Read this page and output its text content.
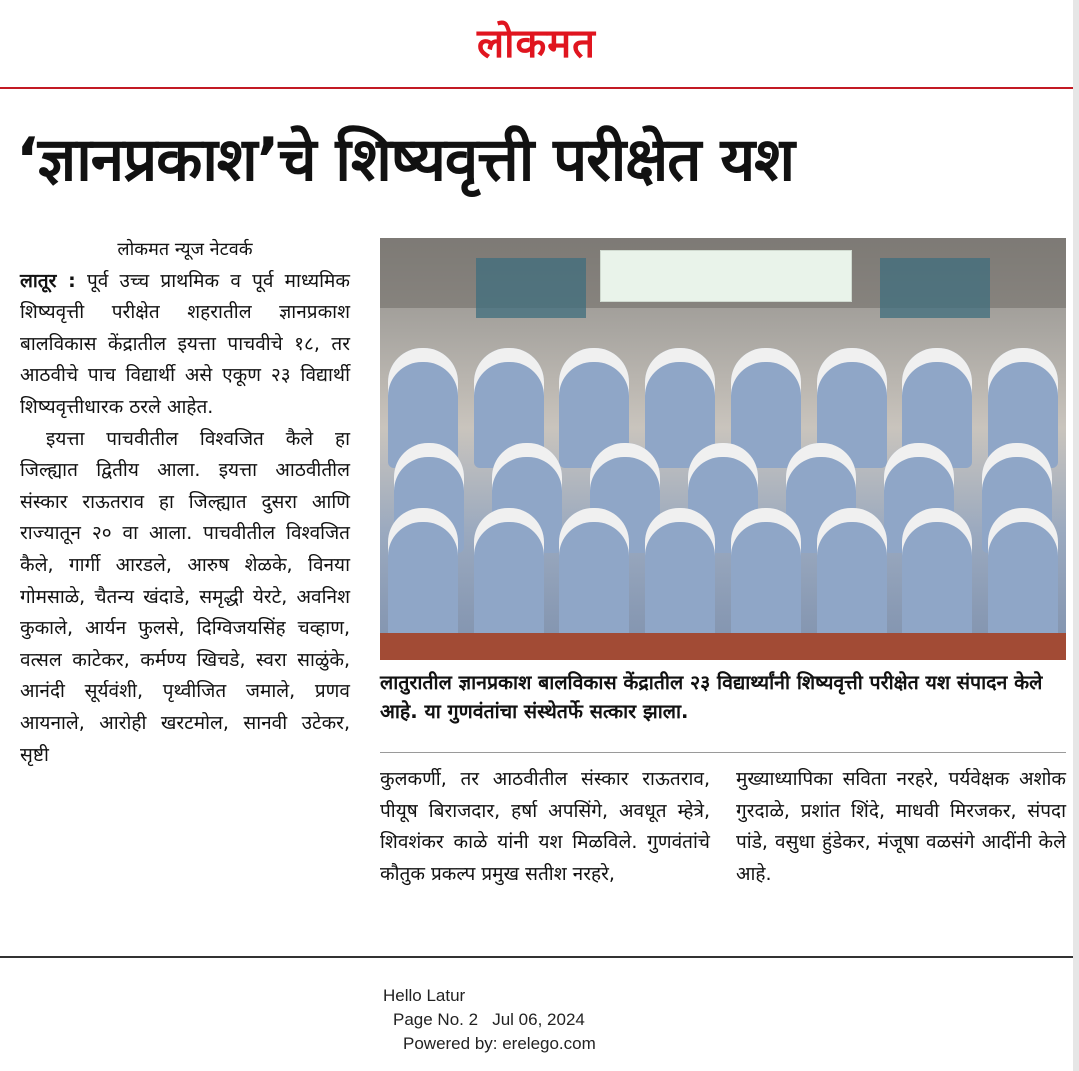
लोकमत
‘ज्ञानप्रकाश’चे शिष्यवृत्ती परीक्षेत यश

लोकमत न्यूज नेटवर्क

लातूर : पूर्व उच्च प्राथमिक व पूर्व माध्यमिक शिष्यवृत्ती परीक्षेत शहरातील ज्ञानप्रकाश बालविकास केंद्रातील इयत्ता पाचवीचे १८, तर आठवीचे पाच विद्यार्थी असे एकूण २३ विद्यार्थी शिष्यवृत्तीधारक ठरले आहेत.

इयत्ता पाचवीतील विश्वजित कैले हा जिल्ह्यात द्वितीय आला. इयत्ता आठवीतील संस्कार राऊतराव हा जिल्ह्यात दुसरा आणि राज्यातून २० वा आला. पाचवीतील विश्वजित कैले, गार्गी आरडले, आरुष शेळके, विनया गोमसाळे, चैतन्य खंदाडे, समृद्धी येरटे, अवनिश कुकाले, आर्यन फुलसे, दिग्विजयसिंह चव्हाण, वत्सल काटेकर, कर्मण्य खिचडे, स्वरा साळुंके, आनंदी सूर्यवंशी, पृथ्वीजित जमाले, प्रणव आयनाले, आरोही खरटमोल, सानवी उटेकर, सृष्टी

लातुरातील ज्ञानप्रकाश बालविकास केंद्रातील २३ विद्यार्थ्यांनी शिष्यवृत्ती परीक्षेत यश संपादन केले आहे. या गुणवंतांचा संस्थेतर्फे सत्कार झाला.
कुलकर्णी, तर आठवीतील संस्कार राऊतराव, पीयूष बिराजदार, हर्षा अपसिंगे, अवधूत म्हेत्रे, शिवशंकर काळे यांनी यश मिळविले. गुणवंतांचे कौतुक प्रकल्प प्रमुख सतीश नरहरे,
मुख्याध्यापिका सविता नरहरे, पर्यवेक्षक अशोक गुरदाळे, प्रशांत शिंदे, माधवी मिरजकर, संपदा पांडे, वसुधा हुंडेकर, मंजूषा वळसंगे आदींनी केले आहे.
Hello Latur
Page No. 2   Jul 06, 2024
Powered by: erelego.com
